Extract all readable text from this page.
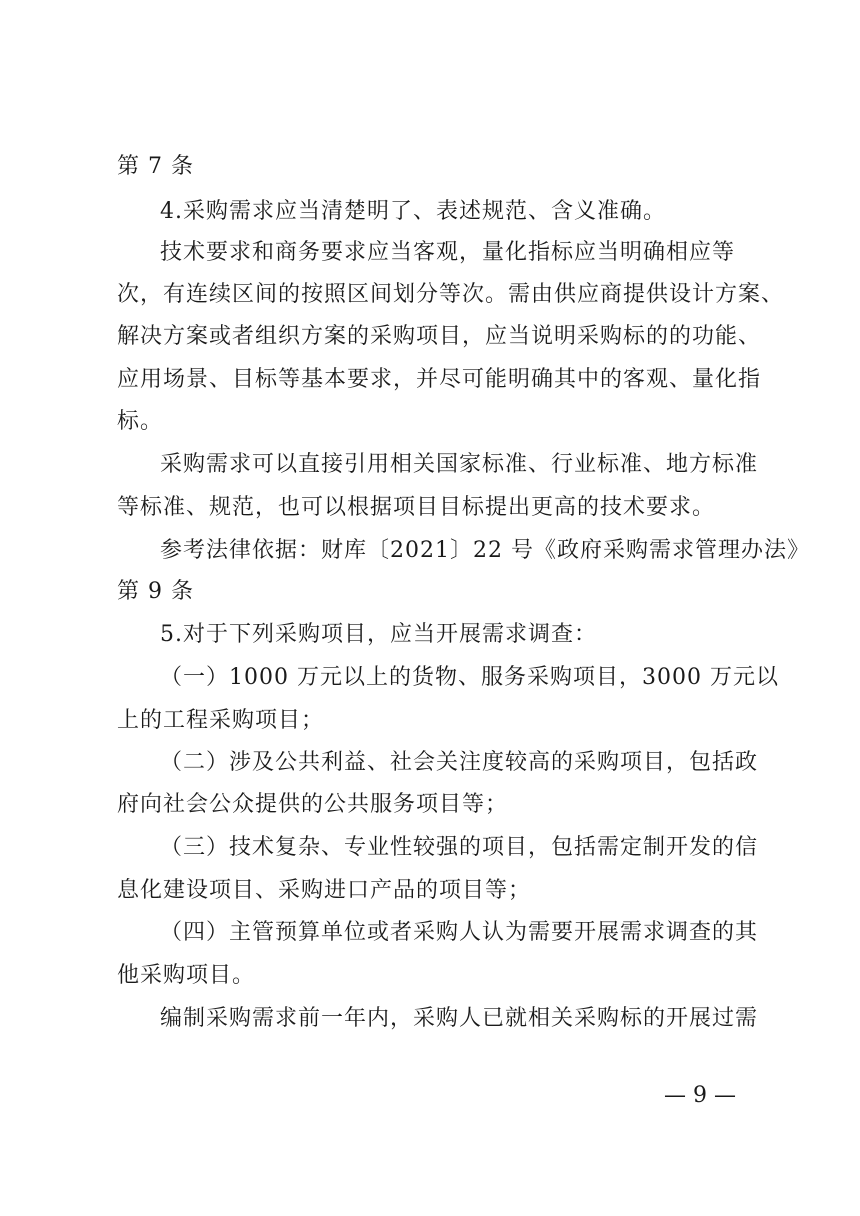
第 7 条
4.采购需求应当清楚明了、表述规范、含义准确。
技术要求和商务要求应当客观，量化指标应当明确相应等
次，有连续区间的按照区间划分等次。需由供应商提供设计方案、
解决方案或者组织方案的采购项目，应当说明采购标的的功能、
应用场景、目标等基本要求，并尽可能明确其中的客观、量化指
标。
采购需求可以直接引用相关国家标准、行业标准、地方标准
等标准、规范，也可以根据项目目标提出更高的技术要求。
参考法律依据：财库〔2021〕22 号《政府采购需求管理办法》
第 9 条
5.对于下列采购项目，应当开展需求调查：
（一）1000 万元以上的货物、服务采购项目，3000 万元以
上的工程采购项目；
（二）涉及公共利益、社会关注度较高的采购项目，包括政
府向社会公众提供的公共服务项目等；
（三）技术复杂、专业性较强的项目，包括需定制开发的信
息化建设项目、采购进口产品的项目等；
（四）主管预算单位或者采购人认为需要开展需求调查的其
他采购项目。
编制采购需求前一年内，采购人已就相关采购标的开展过需
— 9 —
